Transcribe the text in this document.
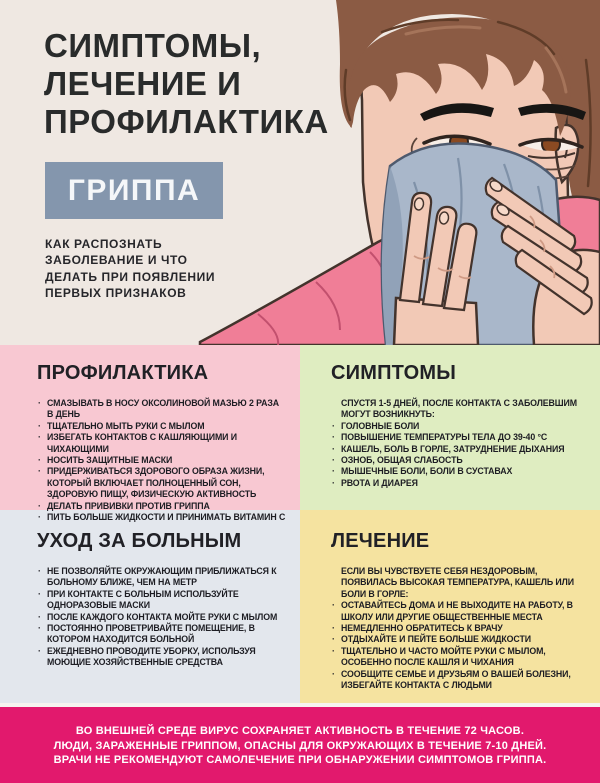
СИМПТОМЫ,
ЛЕЧЕНИЕ И
ПРОФИЛАКТИКА
ГРИППА
КАК РАСПОЗНАТЬ
ЗАБОЛЕВАНИЕ И ЧТО
ДЕЛАТЬ ПРИ ПОЯВЛЕНИИ
ПЕРВЫХ ПРИЗНАКОВ
ПРОФИЛАКТИКА
· СМАЗЫВАТЬ В НОСУ ОКСОЛИНОВОЙ МАЗЬЮ 2 РАЗА В ДЕНЬ
· ТЩАТЕЛЬНО МЫТЬ РУКИ С МЫЛОМ
· ИЗБЕГАТЬ КОНТАКТОВ С КАШЛЯЮЩИМИ И ЧИХАЮЩИМИ
· НОСИТЬ ЗАЩИТНЫЕ МАСКИ
· ПРИДЕРЖИВАТЬСЯ ЗДОРОВОГО ОБРАЗА ЖИЗНИ, КОТОРЫЙ ВКЛЮЧАЕТ ПОЛНОЦЕННЫЙ СОН, ЗДОРОВУЮ ПИЩУ, ФИЗИЧЕСКУЮ АКТИВНОСТЬ
· ДЕЛАТЬ ПРИВИВКИ ПРОТИВ ГРИППА
· ПИТЬ БОЛЬШЕ ЖИДКОСТИ И ПРИНИМАТЬ ВИТАМИН С
СИМПТОМЫ

СПУСТЯ 1-5 ДНЕЙ, ПОСЛЕ КОНТАКТА С ЗАБОЛЕВШИМ МОГУТ ВОЗНИКНУТЬ:

· ГОЛОВНЫЕ БОЛИ
· ПОВЫШЕНИЕ ТЕМПЕРАТУРЫ ТЕЛА ДО 39-40 °С
· КАШЕЛЬ, БОЛЬ В ГОРЛЕ, ЗАТРУДНЕНИЕ ДЫХАНИЯ
· ОЗНОБ, ОБЩАЯ СЛАБОСТЬ
· МЫШЕЧНЫЕ БОЛИ, БОЛИ В СУСТАВАХ
· РВОТА И ДИАРЕЯ
УХОД ЗА БОЛЬНЫМ
· НЕ ПОЗВОЛЯЙТЕ ОКРУЖАЮЩИМ ПРИБЛИЖАТЬСЯ К БОЛЬНОМУ БЛИЖЕ, ЧЕМ НА МЕТР
· ПРИ КОНТАКТЕ С БОЛЬНЫМ ИСПОЛЬЗУЙТЕ ОДНОРАЗОВЫЕ МАСКИ
· ПОСЛЕ КАЖДОГО КОНТАКТА МОЙТЕ РУКИ С МЫЛОМ
· ПОСТОЯННО ПРОВЕТРИВАЙТЕ ПОМЕЩЕНИЕ, В КОТОРОМ НАХОДИТСЯ БОЛЬНОЙ
· ЕЖЕДНЕВНО ПРОВОДИТЕ УБОРКУ, ИСПОЛЬЗУЯ МОЮЩИЕ ХОЗЯЙСТВЕННЫЕ СРЕДСТВА
ЛЕЧЕНИЕ

ЕСЛИ ВЫ ЧУВСТВУЕТЕ СЕБЯ НЕЗДОРОВЫМ, ПОЯВИЛАСЬ ВЫСОКАЯ ТЕМПЕРАТУРА, КАШЕЛЬ ИЛИ БОЛИ В ГОРЛЕ:

· ОСТАВАЙТЕСЬ ДОМА И НЕ ВЫХОДИТЕ НА РАБОТУ, В ШКОЛУ ИЛИ ДРУГИЕ ОБЩЕСТВЕННЫЕ МЕСТА
· НЕМЕДЛЕННО ОБРАТИТЕСЬ К ВРАЧУ
· ОТДЫХАЙТЕ И ПЕЙТЕ БОЛЬШЕ ЖИДКОСТИ
· ТЩАТЕЛЬНО И ЧАСТО МОЙТЕ РУКИ С МЫЛОМ, ОСОБЕННО ПОСЛЕ КАШЛЯ И ЧИХАНИЯ
· СООБЩИТЕ СЕМЬЕ И ДРУЗЬЯМ О ВАШЕЙ БОЛЕЗНИ, ИЗБЕГАЙТЕ КОНТАКТА С ЛЮДЬМИ
ВО ВНЕШНЕЙ СРЕДЕ ВИРУС СОХРАНЯЕТ АКТИВНОСТЬ В ТЕЧЕНИЕ 72 ЧАСОВ.
ЛЮДИ, ЗАРАЖЕННЫЕ ГРИППОМ, ОПАСНЫ ДЛЯ ОКРУЖАЮЩИХ В ТЕЧЕНИЕ 7-10 ДНЕЙ.
ВРАЧИ НЕ РЕКОМЕНДУЮТ САМОЛЕЧЕНИЕ ПРИ ОБНАРУЖЕНИИ СИМПТОМОВ ГРИППА.
